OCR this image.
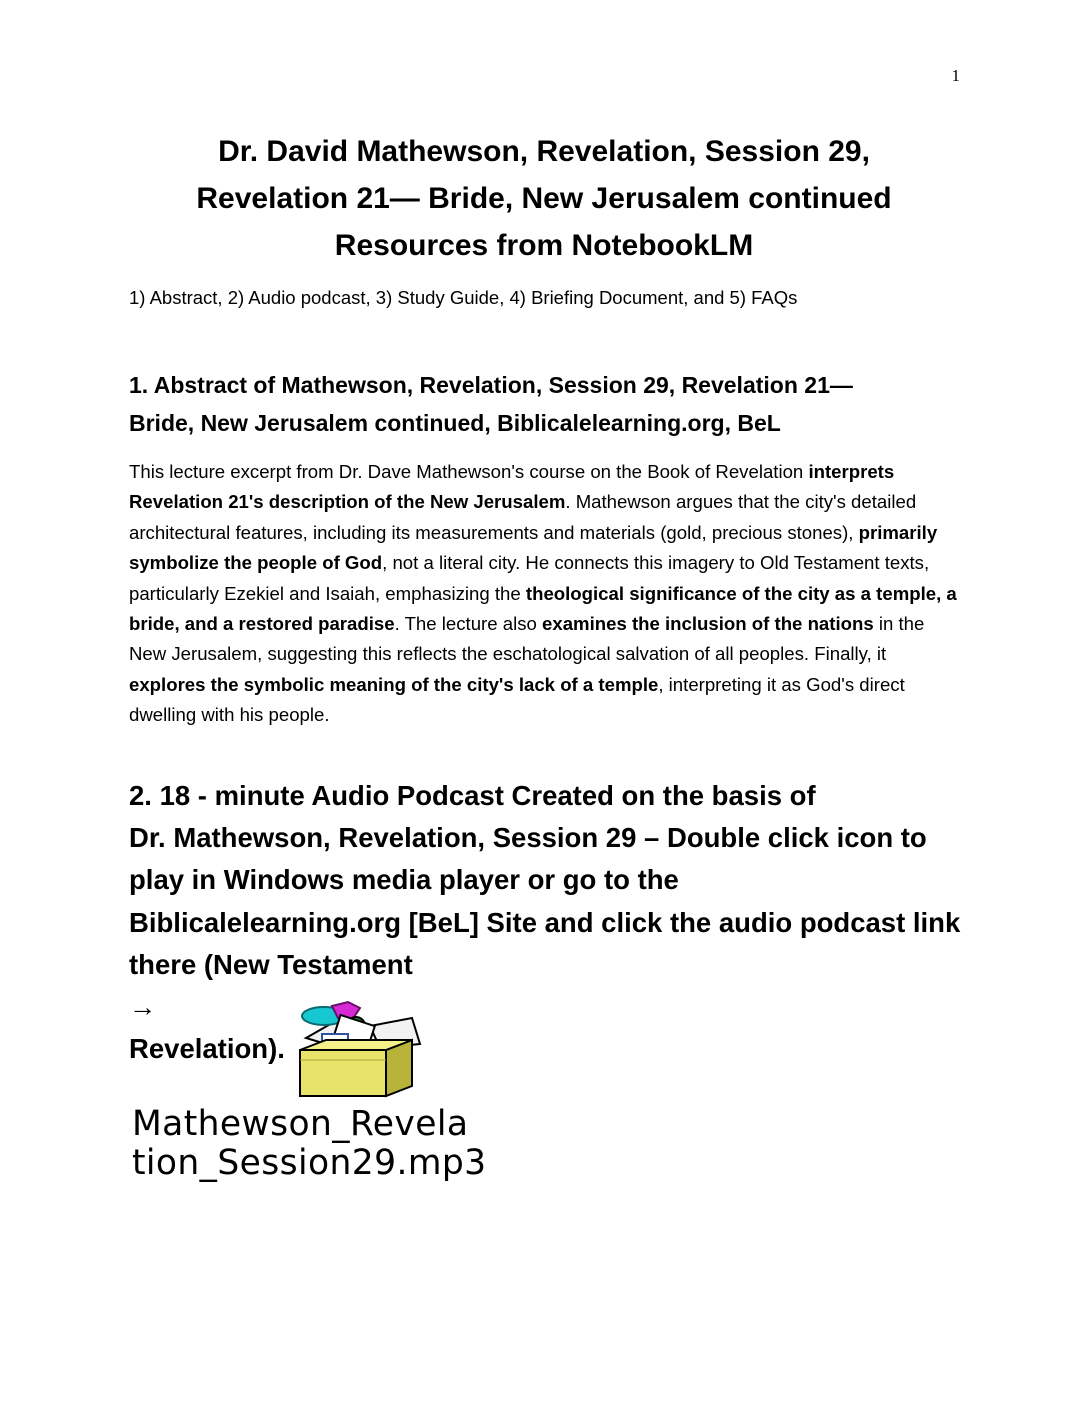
1
Dr. David Mathewson, Revelation, Session 29,
Revelation 21— Bride, New Jerusalem continued
Resources from NotebookLM
1) Abstract, 2) Audio podcast, 3) Study Guide, 4) Briefing Document, and 5) FAQs
1. Abstract of Mathewson, Revelation, Session 29, Revelation 21—
Bride, New Jerusalem continued, Biblicalelearning.org, BeL
This lecture excerpt from Dr. Dave Mathewson's course on the Book of Revelation interprets Revelation 21's description of the New Jerusalem. Mathewson argues that the city's detailed architectural features, including its measurements and materials (gold, precious stones), primarily symbolize the people of God, not a literal city. He connects this imagery to Old Testament texts, particularly Ezekiel and Isaiah, emphasizing the theological significance of the city as a temple, a bride, and a restored paradise. The lecture also examines the inclusion of the nations in the New Jerusalem, suggesting this reflects the eschatological salvation of all peoples. Finally, it explores the symbolic meaning of the city's lack of a temple, interpreting it as God's direct dwelling with his people.
2. 18 - minute Audio Podcast Created on the basis of
Dr. Mathewson, Revelation, Session 29 – Double click icon to
play in Windows media player or go to the
Biblicalelearning.org [BeL] Site and click the audio podcast link
there (New Testament
→
Revelation).
Mathewson_Revela
tion_Session29.mp3
